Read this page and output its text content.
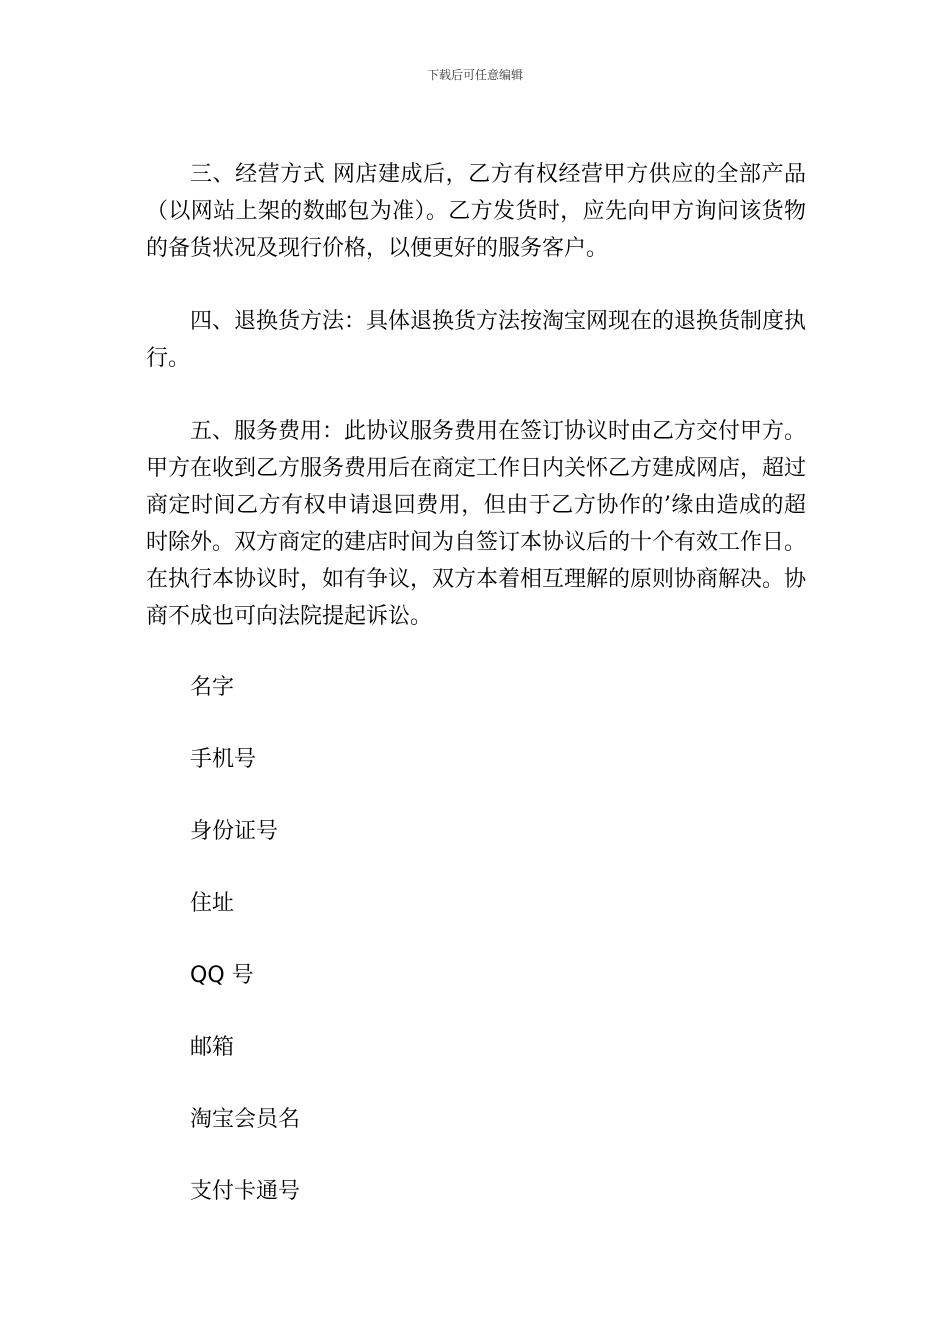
下载后可任意编辑

三、经营方式 网店建成后，乙方有权经营甲方供应的全部产品（以网站上架的数邮包为准）。乙方发货时，应先向甲方询问该货物的备货状况及现行价格，以便更好的服务客户。

四、退换货方法：具体退换货方法按淘宝网现在的退换货制度执行。

五、服务费用：此协议服务费用在签订协议时由乙方交付甲方。甲方在收到乙方服务费用后在商定工作日内关怀乙方建成网店，超过商定时间乙方有权申请退回费用，但由于乙方协作的’缘由造成的超时除外。双方商定的建店时间为自签订本协议后的十个有效工作日。在执行本协议时，如有争议，双方本着相互理解的原则协商解决。协商不成也可向法院提起诉讼。

名字
手机号
身份证号
住址
QQ 号
邮箱
淘宝会员名
支付卡通号
